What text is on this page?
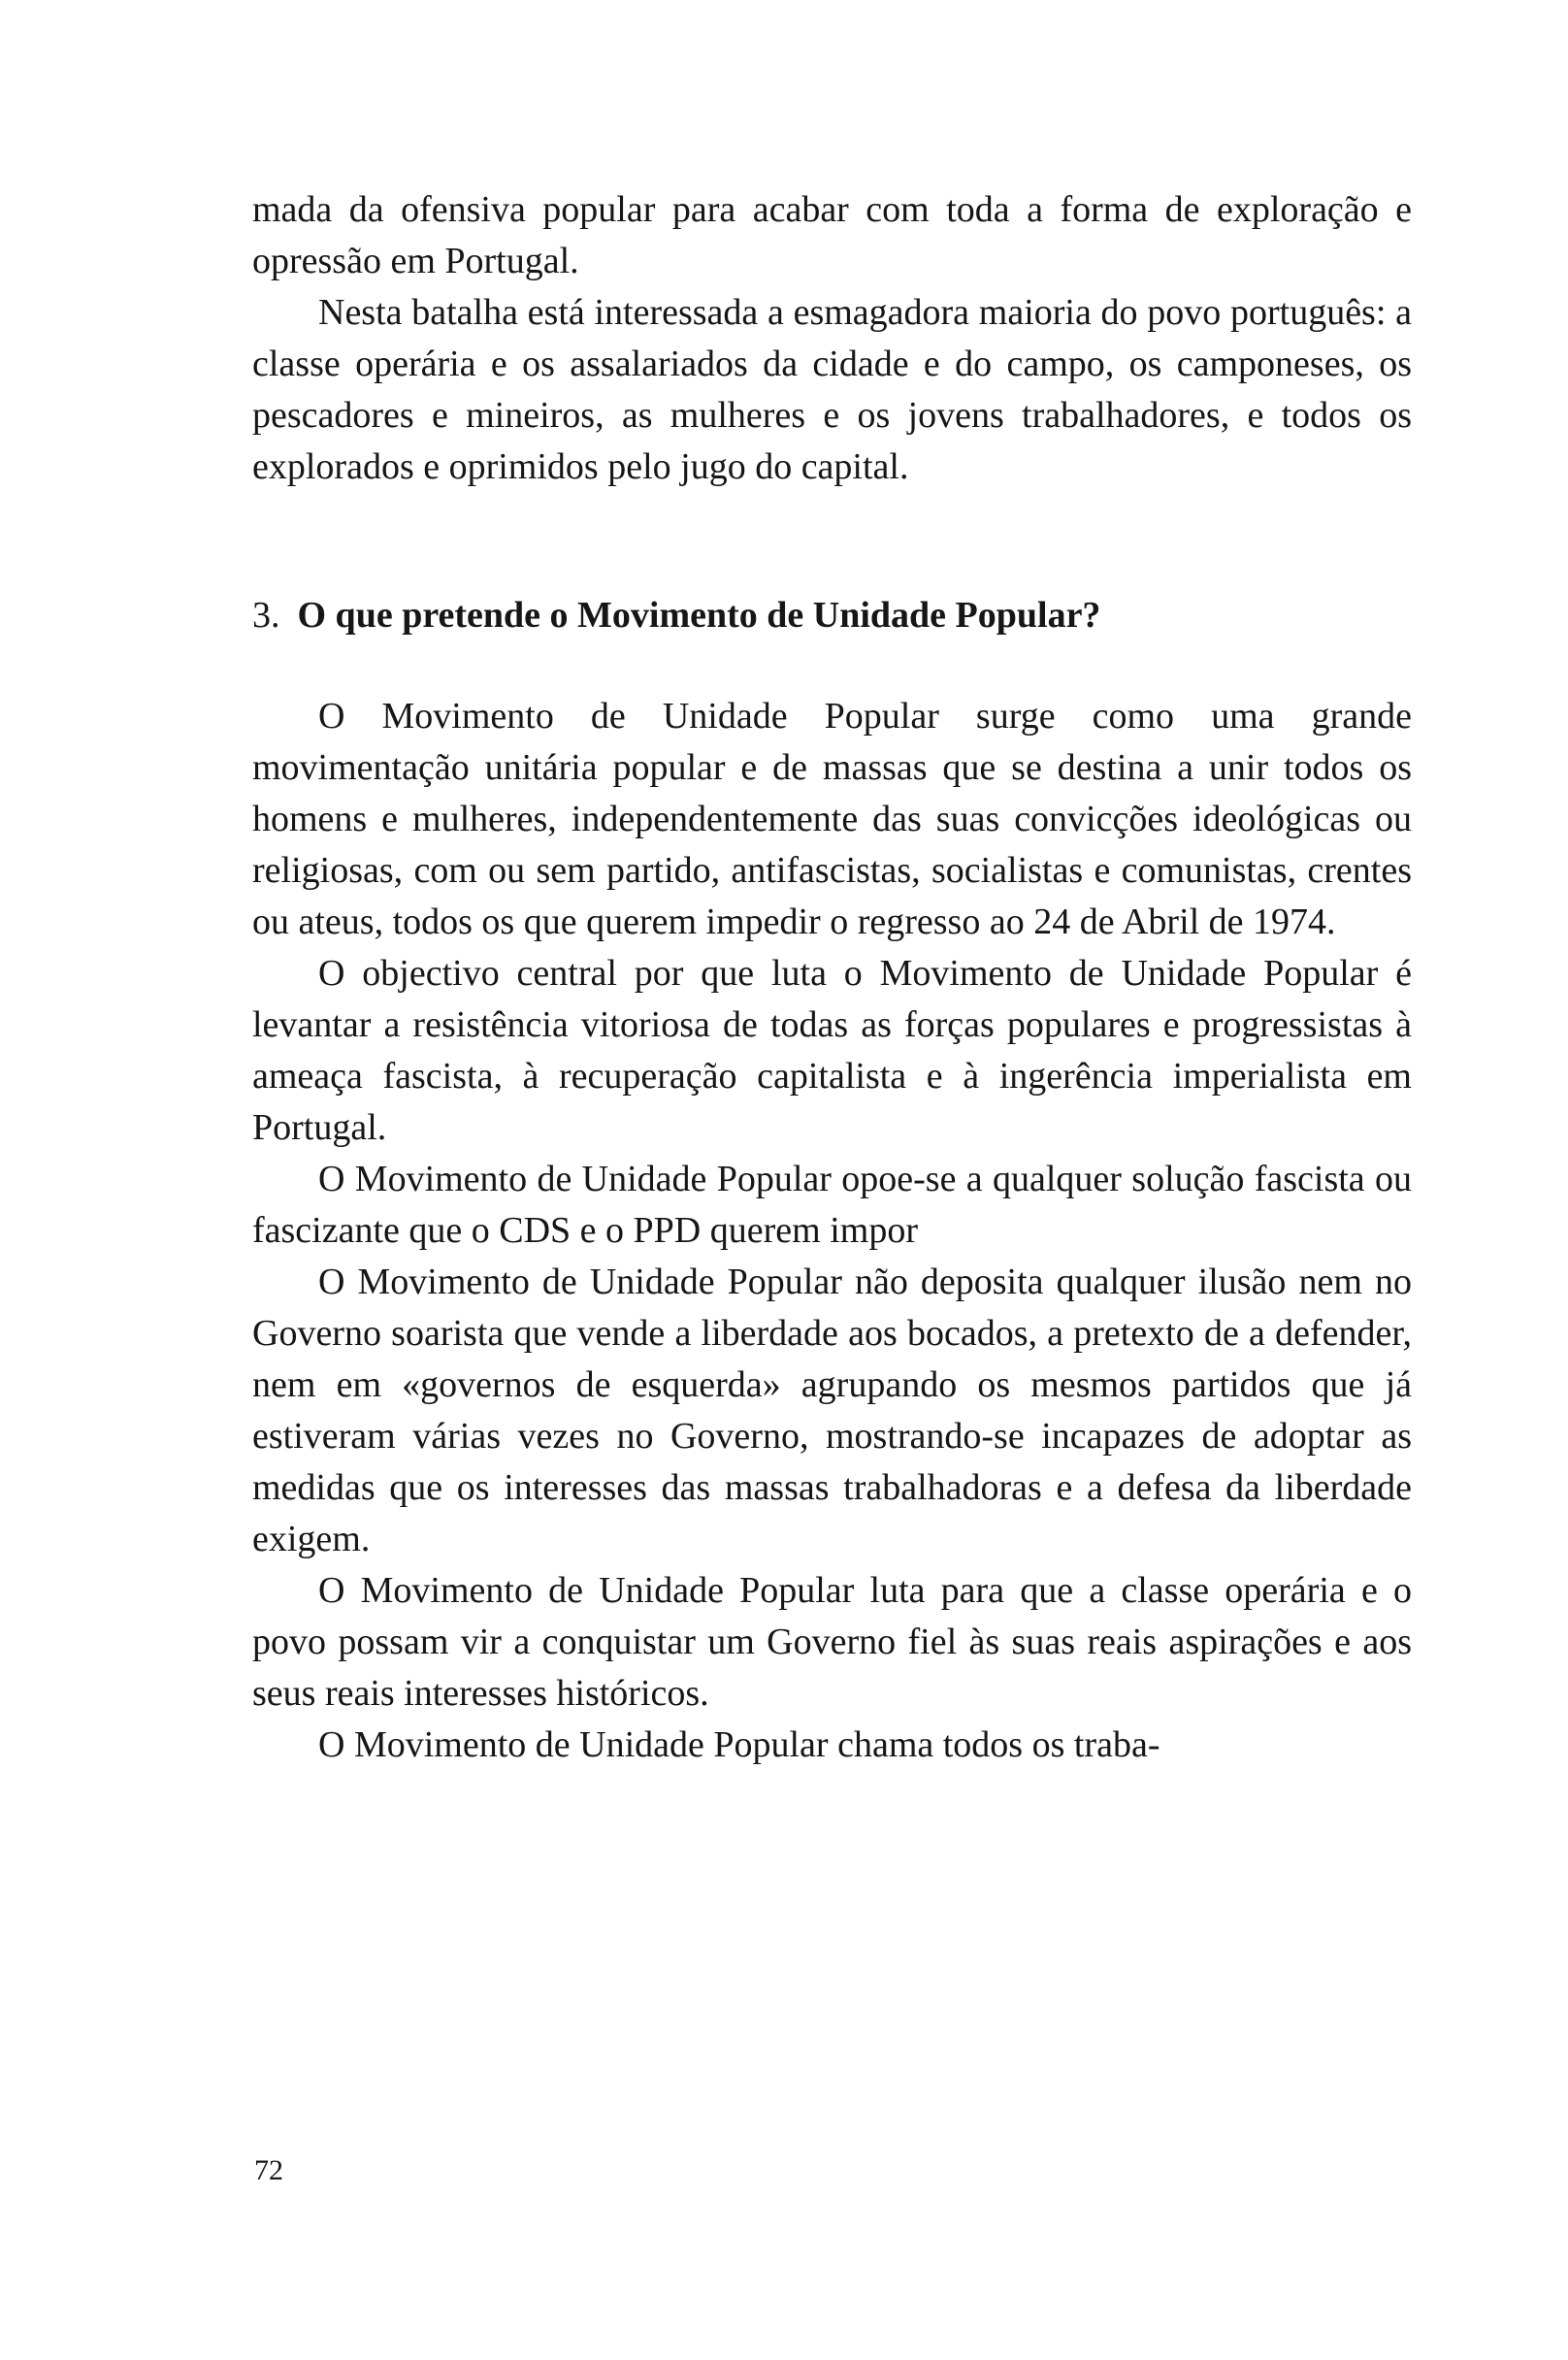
mada da ofensiva popular para acabar com toda a forma de exploração e opressão em Portugal.

Nesta batalha está interessada a esmagadora maioria do povo português: a classe operária e os assalariados da cidade e do campo, os camponeses, os pescadores e mineiros, as mulheres e os jovens trabalhadores, e todos os explorados e oprimidos pelo jugo do capital.

3. O que pretende o Movimento de Unidade Popular?

O Movimento de Unidade Popular surge como uma grande movimentação unitária popular e de massas que se destina a unir todos os homens e mulheres, independentemente das suas convicções ideológicas ou religiosas, com ou sem partido, antifascistas, socialistas e comunistas, crentes ou ateus, todos os que querem impedir o regresso ao 24 de Abril de 1974.

O objectivo central por que luta o Movimento de Unidade Popular é levantar a resistência vitoriosa de todas as forças populares e progressistas à ameaça fascista, à recuperação capitalista e à ingerência imperialista em Portugal.

O Movimento de Unidade Popular opoe-se a qualquer solução fascista ou fascizante que o CDS e o PPD querem impor

O Movimento de Unidade Popular não deposita qualquer ilusão nem no Governo soarista que vende a liberdade aos bocados, a pretexto de a defender, nem em «governos de esquerda» agrupando os mesmos partidos que já estiveram várias vezes no Governo, mostrando-se incapazes de adoptar as medidas que os interesses das massas trabalhadoras e a defesa da liberdade exigem.

O Movimento de Unidade Popular luta para que a classe operária e o povo possam vir a conquistar um Governo fiel às suas reais aspirações e aos seus reais interesses históricos.

O Movimento de Unidade Popular chama todos os traba-

72
